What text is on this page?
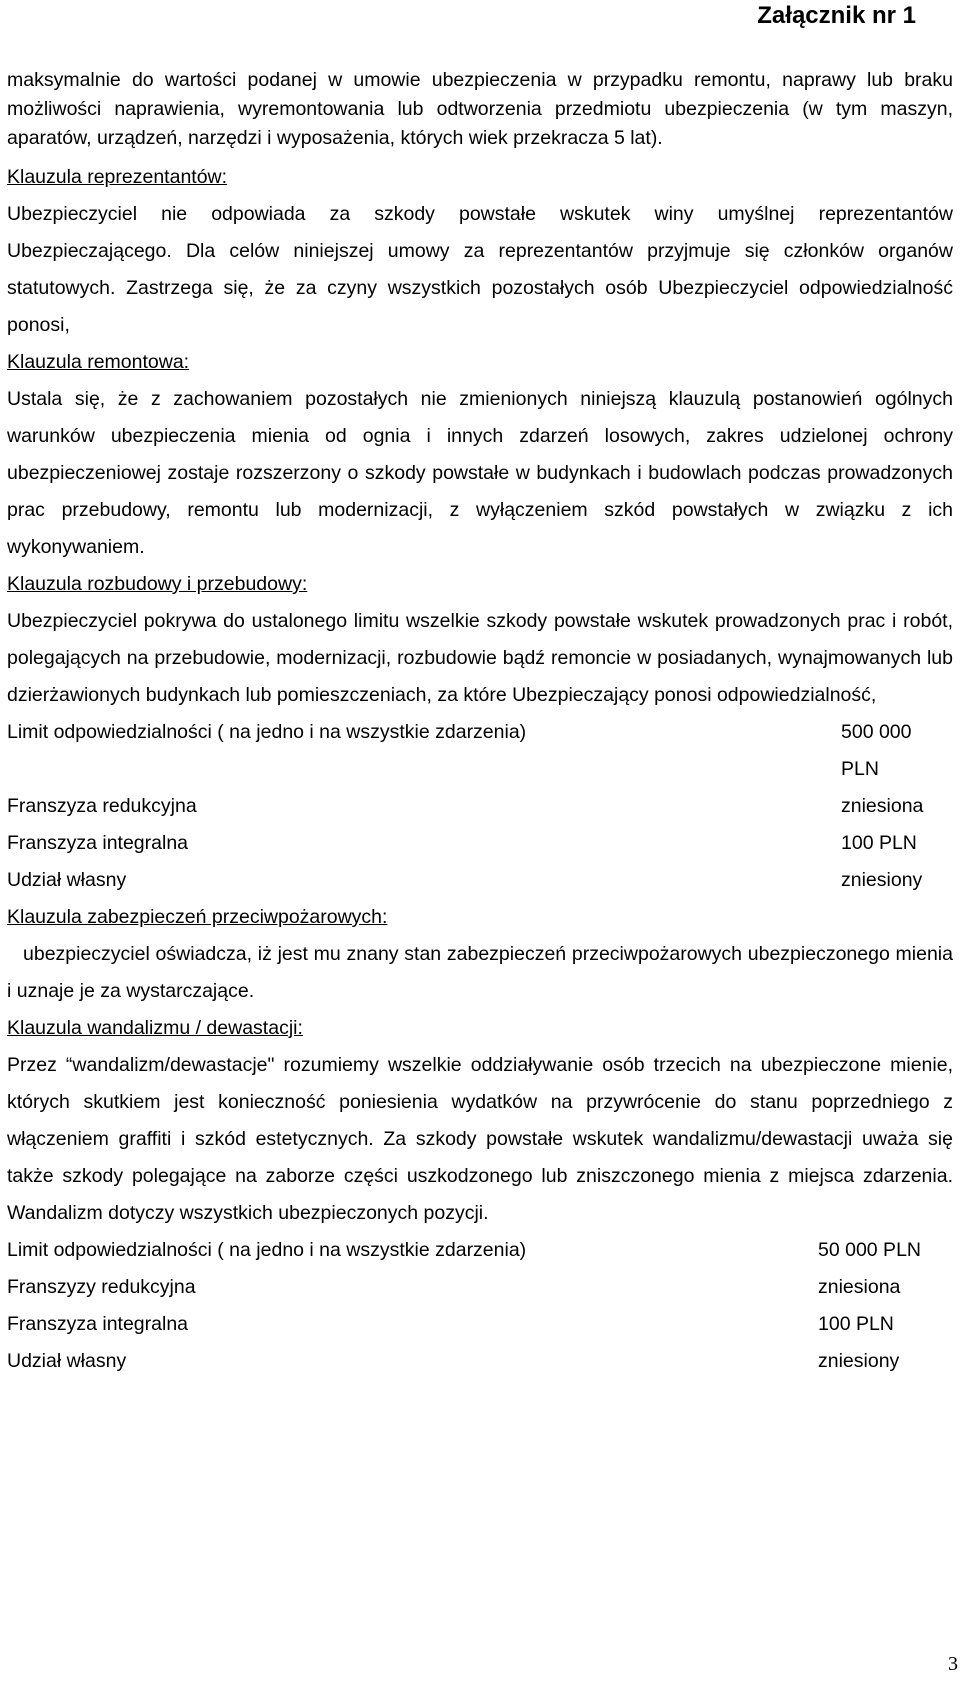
Załącznik nr 1

maksymalnie do wartości podanej w umowie ubezpieczenia w przypadku remontu, naprawy lub braku możliwości naprawienia, wyremontowania lub odtworzenia przedmiotu ubezpieczenia (w tym maszyn, aparatów, urządzeń, narzędzi i wyposażenia, których wiek przekracza 5 lat).

Klauzula reprezentantów:

Ubezpieczyciel nie odpowiada za szkody powstałe wskutek winy umyślnej reprezentantów Ubezpieczającego. Dla celów niniejszej umowy za reprezentantów przyjmuje się członków organów statutowych. Zastrzega się, że za czyny wszystkich pozostałych osób Ubezpieczyciel odpowiedzialność ponosi,

Klauzula remontowa:

Ustala się, że z zachowaniem pozostałych nie zmienionych niniejszą klauzulą postanowień ogólnych warunków ubezpieczenia mienia od ognia i innych zdarzeń losowych, zakres udzielonej ochrony ubezpieczeniowej zostaje rozszerzony o szkody powstałe w budynkach i budowlach podczas prowadzonych prac przebudowy, remontu lub modernizacji, z wyłączeniem szkód powstałych w związku z ich wykonywaniem.

Klauzula rozbudowy i przebudowy:

Ubezpieczyciel pokrywa do ustalonego limitu wszelkie szkody powstałe wskutek prowadzonych prac i robót, polegających na przebudowie, modernizacji, rozbudowie bądź remoncie w posiadanych, wynajmowanych lub dzierżawionych budynkach lub pomieszczeniach, za które Ubezpieczający ponosi odpowiedzialność,

Limit odpowiedzialności ( na jedno i na wszystkie zdarzenia)	500 000 PLN
Franszyza redukcyjna	zniesiona
Franszyza integralna	100 PLN
Udział własny	zniesiony

Klauzula zabezpieczeń przeciwpożarowych:

ubezpieczyciel oświadcza, iż jest mu znany stan zabezpieczeń przeciwpożarowych ubezpieczonego mienia i uznaje je za wystarczające.

Klauzula wandalizmu / dewastacji:

Przez “wandalizm/dewastacje" rozumiemy wszelkie oddziaływanie osób trzecich na ubezpieczone mienie, których skutkiem jest konieczność poniesienia wydatków na przywrócenie do stanu poprzedniego z włączeniem graffiti i szkód estetycznych. Za szkody powstałe wskutek wandalizmu/dewastacji uważa się także szkody polegające na zaborze części uszkodzonego lub zniszczonego mienia z miejsca zdarzenia. Wandalizm dotyczy wszystkich ubezpieczonych pozycji.

Limit odpowiedzialności ( na jedno i na wszystkie zdarzenia)	50 000 PLN
Franszyzy redukcyjna	zniesiona
Franszyza integralna	100 PLN
Udział własny	zniesiony
3
